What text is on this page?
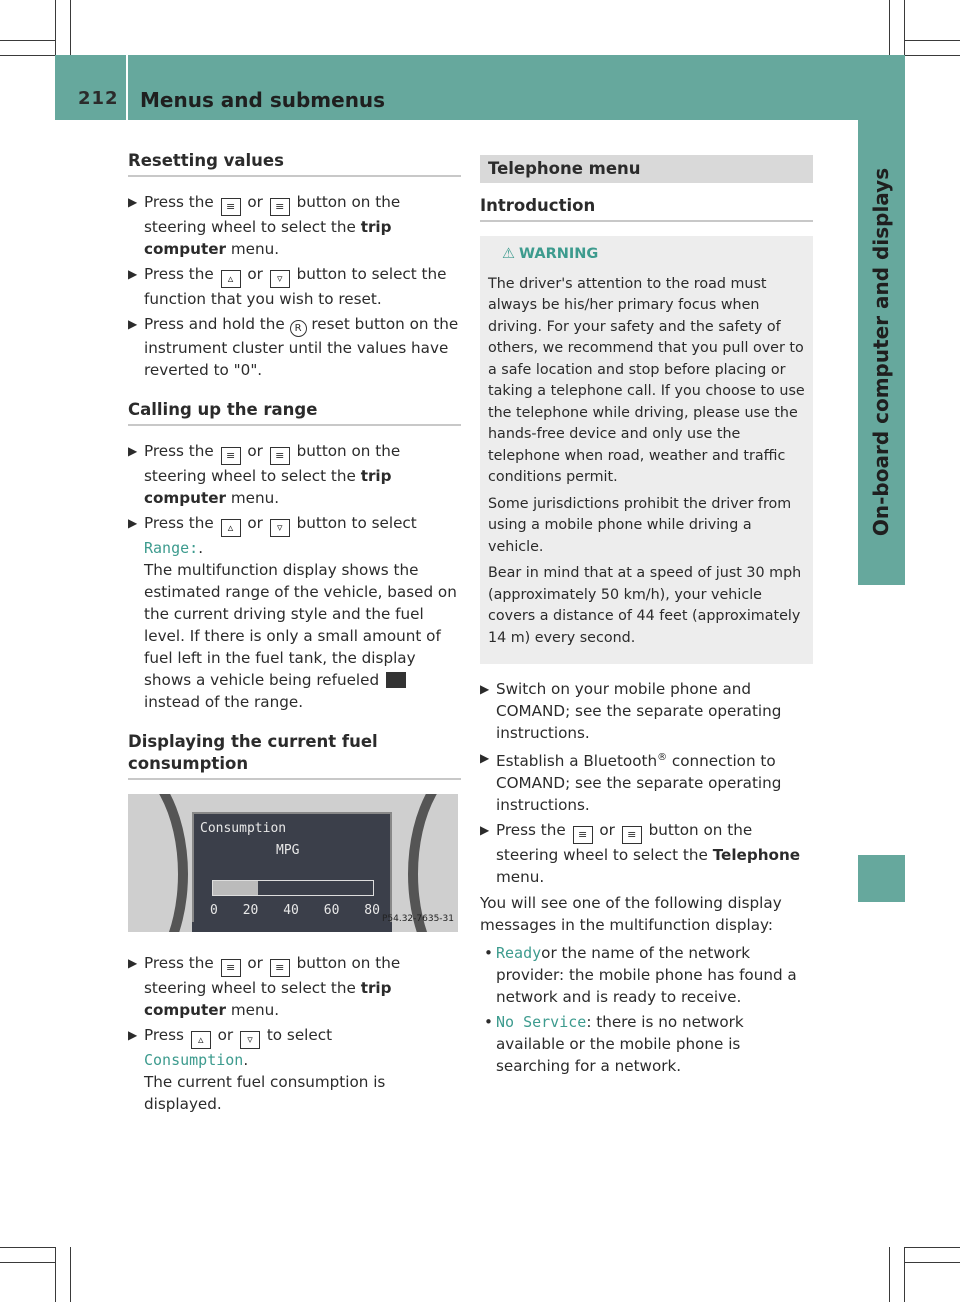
212 Menus and submenus
On-board computer and displays
Resetting values
▶ Press the ≡ or ≡ button on the steering wheel to select the trip computer menu.
▶ Press the ▵ or ▿ button to select the function that you wish to reset.
▶ Press and hold the R reset button on the instrument cluster until the values have reverted to "0".
Calling up the range
▶ Press the ≡ or ≡ button on the steering wheel to select the trip computer menu.
▶ Press the ▵ or ▿ button to select
Range:.
The multifunction display shows the estimated range of the vehicle, based on the current driving style and the fuel level. If there is only a small amount of fuel left in the fuel tank, the display shows a vehicle being refueled  instead of the range.
Displaying the current fuel consumption
Consumption
MPG
0 20 40 60 80
P54.32-7635-31
▶ Press the ≡ or ≡ button on the steering wheel to select the trip computer menu.
▶ Press ▵ or ▿ to select
Consumption.
The current fuel consumption is displayed.
Telephone menu
Introduction
⚠ WARNING

The driver's attention to the road must always be his/her primary focus when driving. For your safety and the safety of others, we recommend that you pull over to a safe location and stop before placing or taking a telephone call. If you choose to use the telephone while driving, please use the hands-free device and only use the telephone when road, weather and traffic conditions permit.

Some jurisdictions prohibit the driver from using a mobile phone while driving a vehicle.

Bear in mind that at a speed of just 30 mph (approximately 50 km/h), your vehicle covers a distance of 44 feet (approximately 14 m) every second.

▶ Switch on your mobile phone and COMAND; see the separate operating instructions.
▶ Establish a Bluetooth® connection to COMAND; see the separate operating instructions.
▶ Press the ≡ or ≡ button on the steering wheel to select the Telephone menu.
You will see one of the following display messages in the multifunction display:
• Readyor the name of the network provider: the mobile phone has found a network and is ready to receive.
• No Service: there is no network available or the mobile phone is searching for a network.
